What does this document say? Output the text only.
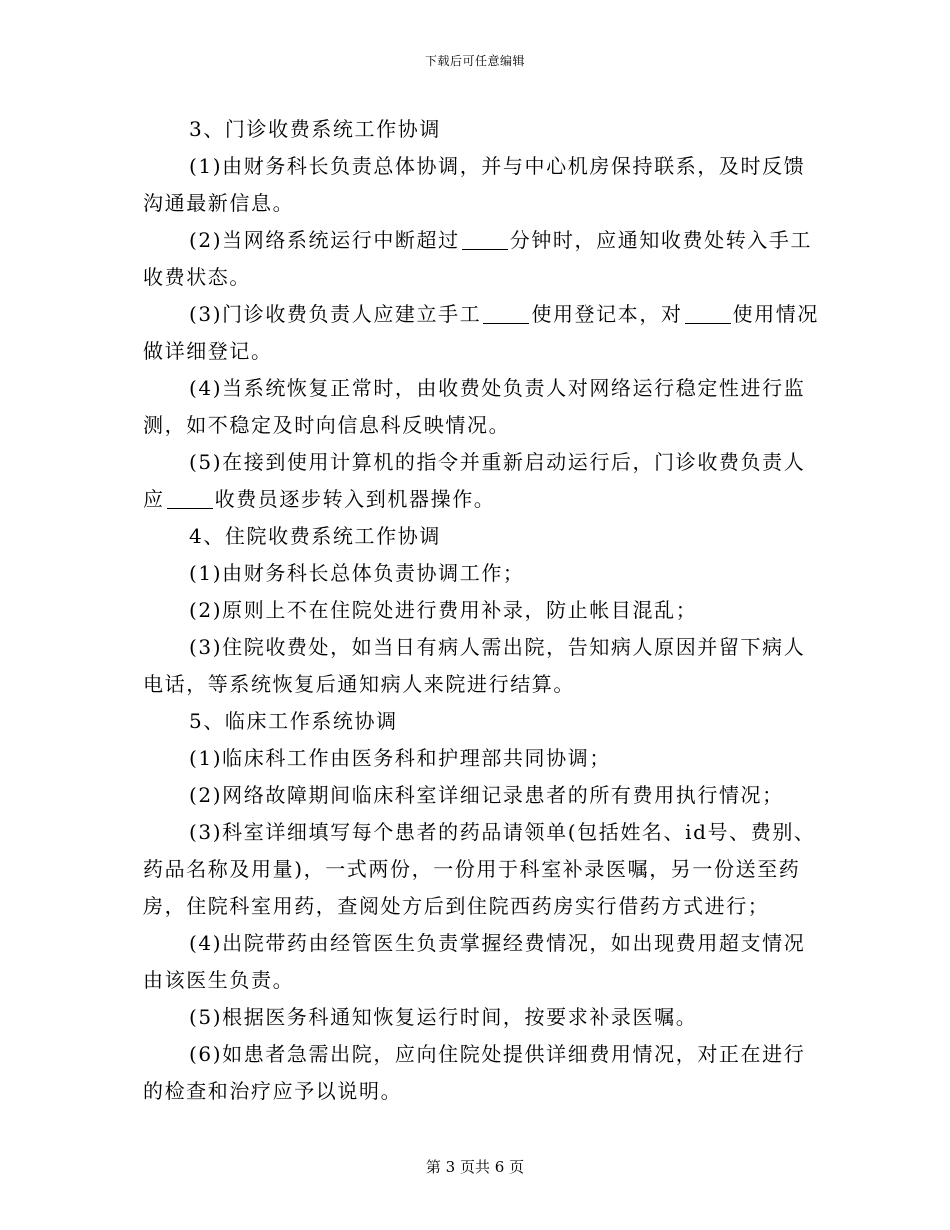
下载后可任意编辑
3、门诊收费系统工作协调
(1)由财务科长负责总体协调，并与中心机房保持联系，及时反馈
沟通最新信息。
(2)当网络系统运行中断超过	分钟时，应通知收费处转入手工
收费状态。
(3)门诊收费负责人应建立手工	使用登记本，对	使用情况
做详细登记。
(4)当系统恢复正常时，由收费处负责人对网络运行稳定性进行监
测，如不稳定及时向信息科反映情况。
(5)在接到使用计算机的指令并重新启动运行后，门诊收费负责人
应	收费员逐步转入到机器操作。
4、住院收费系统工作协调
(1)由财务科长总体负责协调工作；
(2)原则上不在住院处进行费用补录，防止帐目混乱；
(3)住院收费处，如当日有病人需出院，告知病人原因并留下病人
电话，等系统恢复后通知病人来院进行结算。
5、临床工作系统协调
(1)临床科工作由医务科和护理部共同协调；
(2)网络故障期间临床科室详细记录患者的所有费用执行情况；
(3)科室详细填写每个患者的药品请领单(包括姓名、id号、费别、
药品名称及用量)，一式两份，一份用于科室补录医嘱，另一份送至药
房，住院科室用药，查阅处方后到住院西药房实行借药方式进行；
(4)出院带药由经管医生负责掌握经费情况，如出现费用超支情况
由该医生负责。
(5)根据医务科通知恢复运行时间，按要求补录医嘱。
(6)如患者急需出院，应向住院处提供详细费用情况，对正在进行
的检查和治疗应予以说明。
第 3 页共 6 页
